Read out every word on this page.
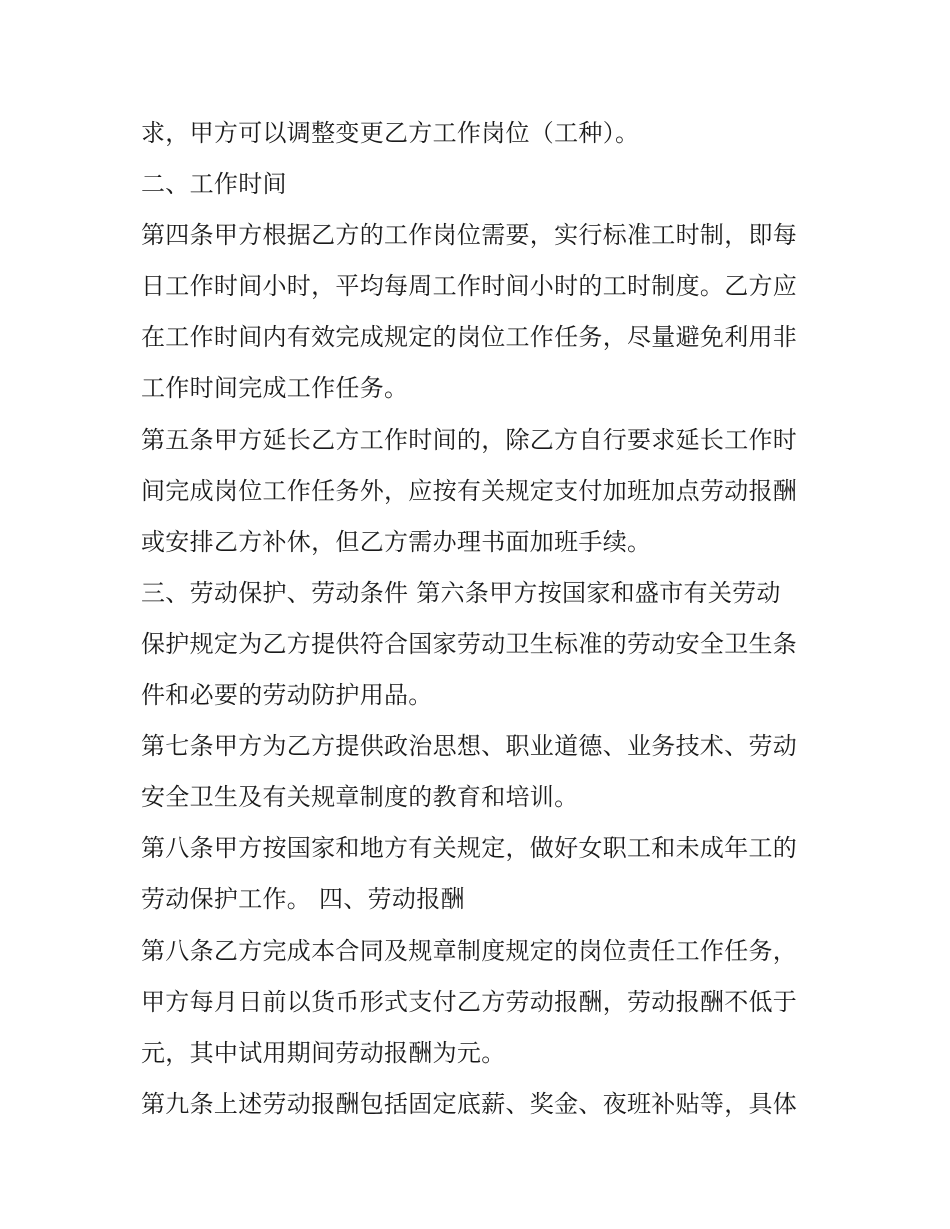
求，甲方可以调整变更乙方工作岗位（工种）。
二、工作时间
第四条甲方根据乙方的工作岗位需要，实行标准工时制，即每
日工作时间小时，平均每周工作时间小时的工时制度。乙方应
在工作时间内有效完成规定的岗位工作任务，尽量避免利用非
工作时间完成工作任务。
第五条甲方延长乙方工作时间的，除乙方自行要求延长工作时
间完成岗位工作任务外，应按有关规定支付加班加点劳动报酬
或安排乙方补休，但乙方需办理书面加班手续。
三、劳动保护、劳动条件 第六条甲方按国家和盛市有关劳动
保护规定为乙方提供符合国家劳动卫生标准的劳动安全卫生条
件和必要的劳动防护用品。
第七条甲方为乙方提供政治思想、职业道德、业务技术、劳动
安全卫生及有关规章制度的教育和培训。
第八条甲方按国家和地方有关规定，做好女职工和未成年工的
劳动保护工作。 四、劳动报酬
第八条乙方完成本合同及规章制度规定的岗位责任工作任务，
甲方每月日前以货币形式支付乙方劳动报酬，劳动报酬不低于
元，其中试用期间劳动报酬为元。
第九条上述劳动报酬包括固定底薪、奖金、夜班补贴等，具体
